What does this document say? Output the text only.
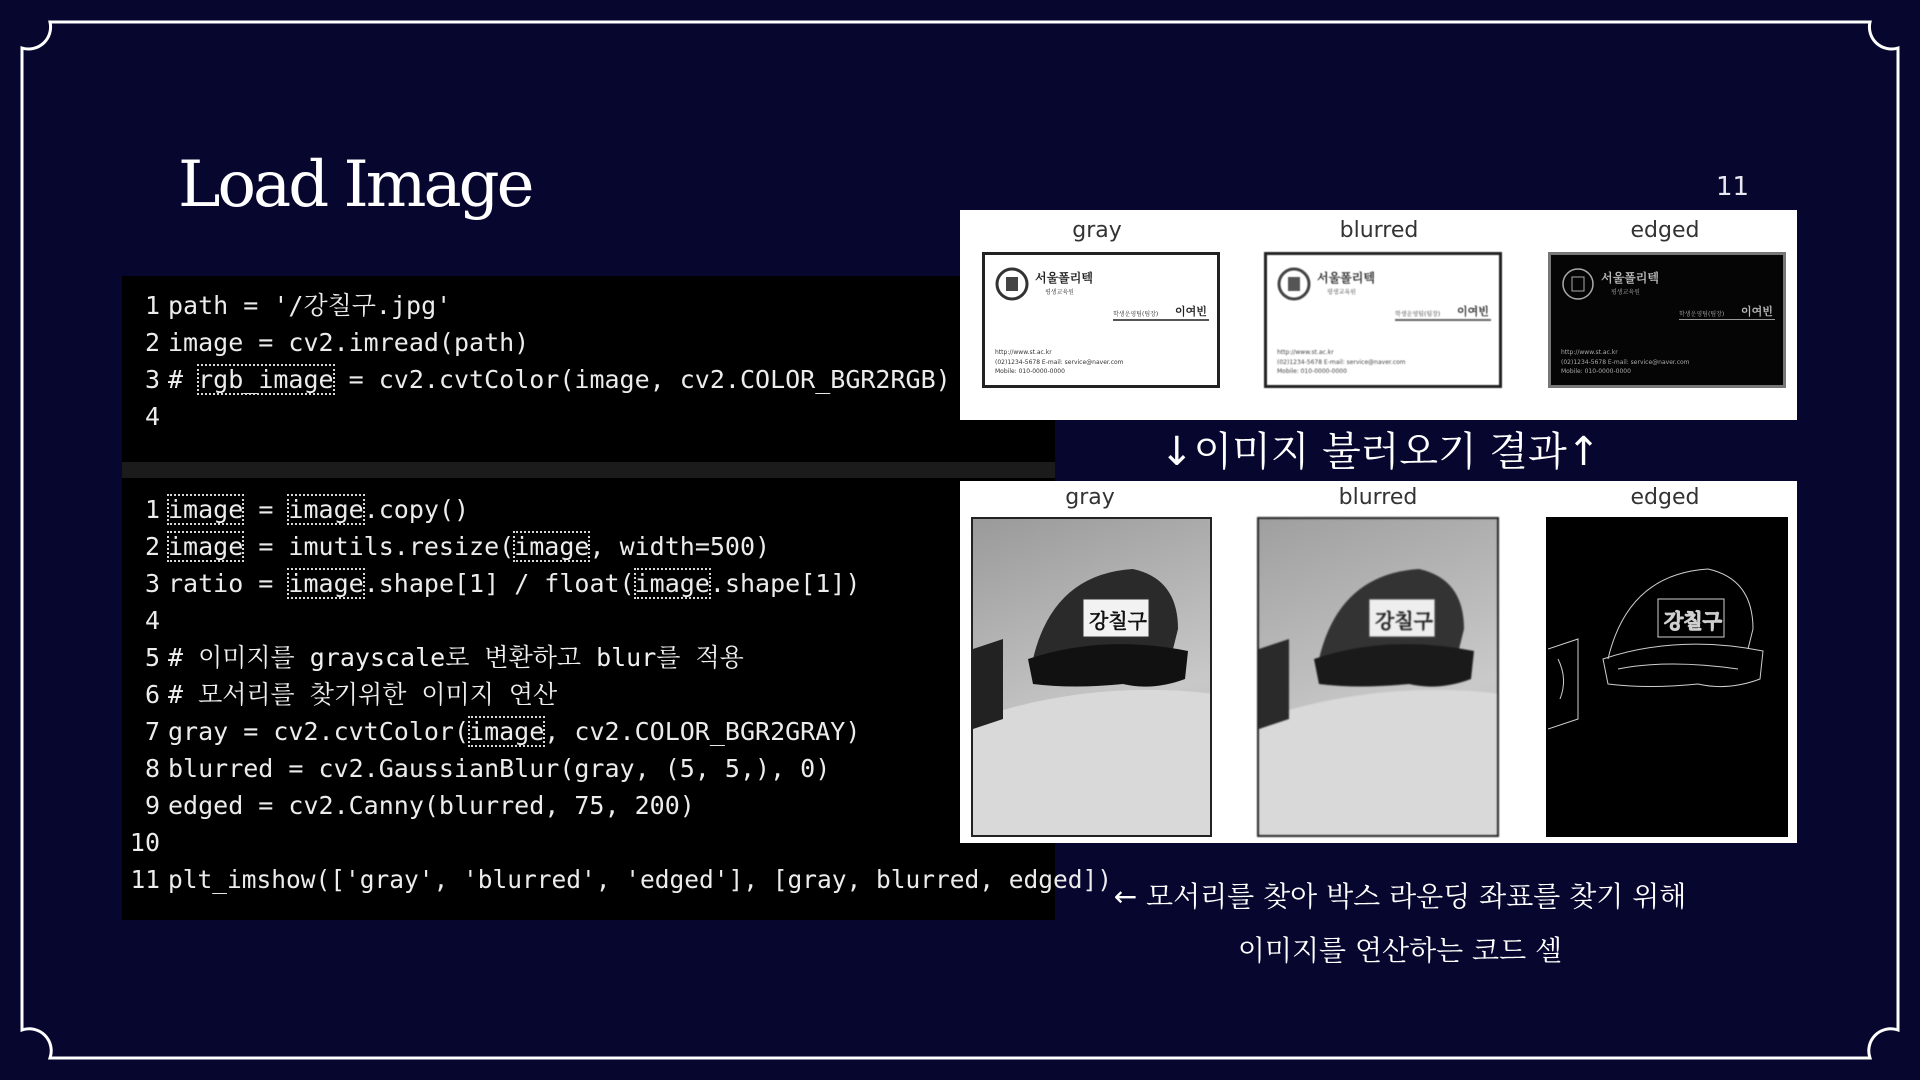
Load Image	11
1 path = '/강칠구.jpg'
2 image = cv2.imread(path)
3 # rgb_image = cv2.cvtColor(image, cv2.COLOR_BGR2RGB)
4
1 image = image.copy()
2 image = imutils.resize(image, width=500)
3 ratio = image.shape[1] / float(image.shape[1])
4
5 # 이미지를 grayscale로 변환하고 blur를 적용
6 # 모서리를 찾기위한 이미지 연산
7 gray = cv2.cvtColor(image, cv2.COLOR_BGR2GRAY)
8 blurred = cv2.GaussianBlur(gray, (5, 5,), 0)
9 edged = cv2.Canny(blurred, 75, 200)
10
11 plt_imshow(['gray', 'blurred', 'edged'], [gray, blurred, edged])
gray	blurred	edged
서울폴리텍
평생교육원
학생운영팀(팀장) 이여빈
http://www.st.ac.kr
(02)1234-5678 E-mail: service@naver.com
Mobile: 010-0000-0000
서울폴리텍
평생교육원
학생운영팀(팀장) 이여빈
http://www.st.ac.kr
(02)1234-5678 E-mail: service@naver.com
Mobile: 010-0000-0000
서울폴리텍
평생교육원
학생운영팀(팀장) 이여빈
http://www.st.ac.kr
(02)1234-5678 E-mail: service@naver.com
Mobile: 010-0000-0000
↓이미지 불러오기 결과↑
gray	blurred	edged
강칠구	강칠구	강칠구
← 모서리를 찾아 박스 라운딩 좌표를 찾기 위해
이미지를 연산하는 코드 셀
